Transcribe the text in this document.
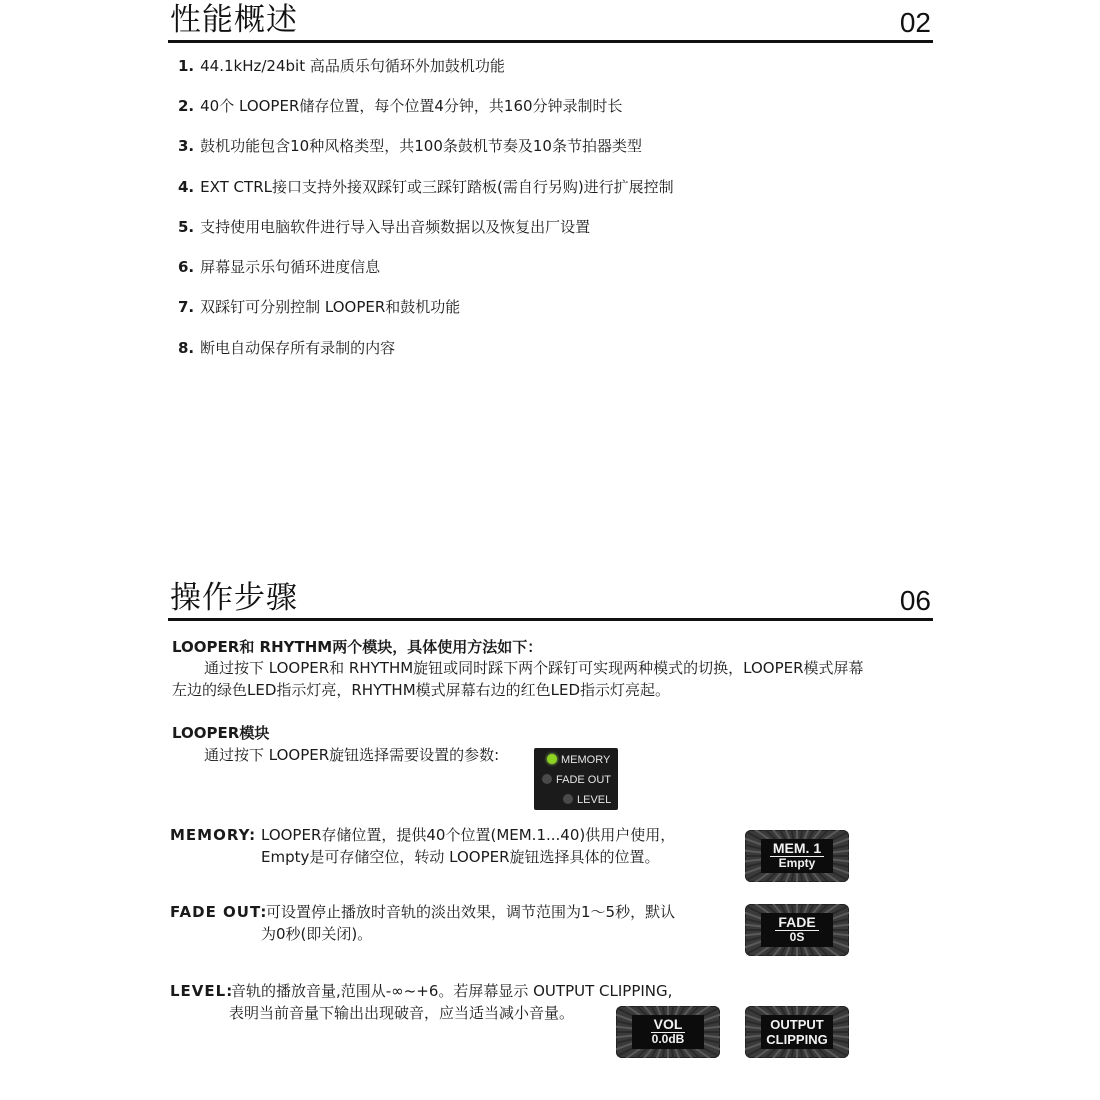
性能概述	02
1. 44.1kHz/24bit 高品质乐句循环外加鼓机功能
2. 40个 LOOPER储存位置，每个位置4分钟，共160分钟录制时长
3. 鼓机功能包含10种风格类型，共100条鼓机节奏及10条节拍器类型
4. EXT CTRL接口支持外接双踩钉或三踩钉踏板(需自行另购)进行扩展控制
5. 支持使用电脑软件进行导入导出音频数据以及恢复出厂设置
6. 屏幕显示乐句循环进度信息
7. 双踩钉可分别控制 LOOPER和鼓机功能
8. 断电自动保存所有录制的内容
操作步骤	06
LOOPER和 RHYTHM两个模块，具体使用方法如下：
通过按下 LOOPER和 RHYTHM旋钮或同时踩下两个踩钉可实现两种模式的切换，LOOPER模式屏幕
左边的绿色LED指示灯亮，RHYTHM模式屏幕右边的红色LED指示灯亮起。
LOOPER模块
通过按下 LOOPER旋钮选择需要设置的参数:	MEMORY
FADE OUT
LEVEL
MEMORY: LOOPER存储位置，提供40个位置(MEM.1...40)供用户使用，
Empty是可存储空位，转动 LOOPER旋钮选择具体的位置。
FADE OUT:
可设置停止播放时音轨的淡出效果，调节范围为1～5秒，默认
为0秒(即关闭)。
LEVEL:
音轨的播放音量,范围从-∞~+6。若屏幕显示 OUTPUT CLIPPING,
表明当前音量下输出出现破音，应当适当减小音量。
MEM. 1
Empty
FADE
0S
VOL
0.0dB
OUTPUT
CLIPPING
